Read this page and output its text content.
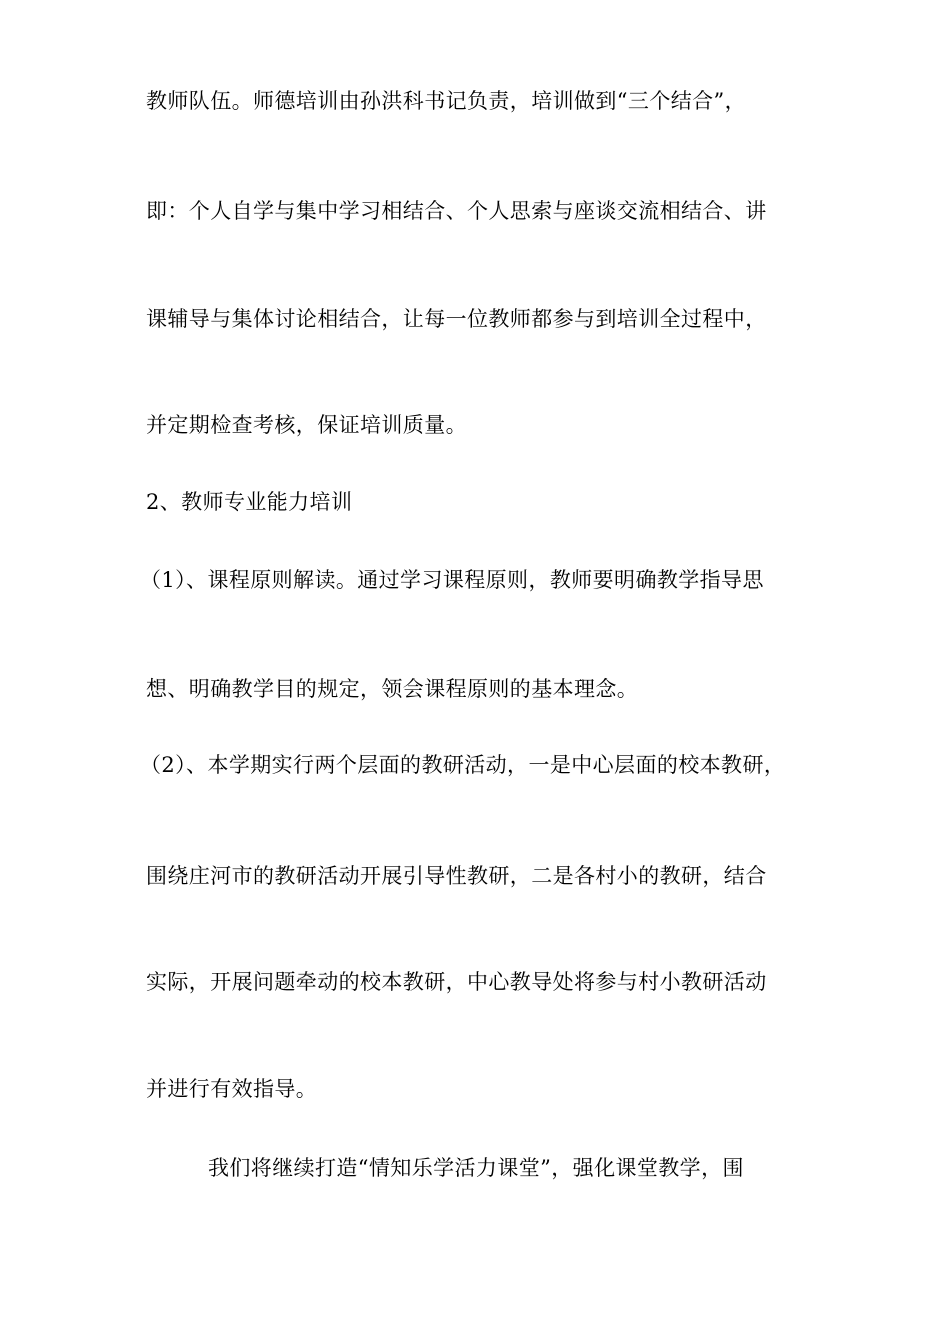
教师队伍。师德培训由孙洪科书记负责，培训做到“三个结合”，
即：个人自学与集中学习相结合、个人思索与座谈交流相结合、讲
课辅导与集体讨论相结合，让每一位教师都参与到培训全过程中，
并定期检查考核，保证培训质量。
2、教师专业能力培训
（1）、课程原则解读。通过学习课程原则，教师要明确教学指导思
想、明确教学目的规定，领会课程原则的基本理念。
（2）、本学期实行两个层面的教研活动，一是中心层面的校本教研，
围绕庄河市的教研活动开展引导性教研，二是各村小的教研，结合
实际，开展问题牵动的校本教研，中心教导处将参与村小教研活动
并进行有效指导。
我们将继续打造“情知乐学活力课堂”，强化课堂教学，围
